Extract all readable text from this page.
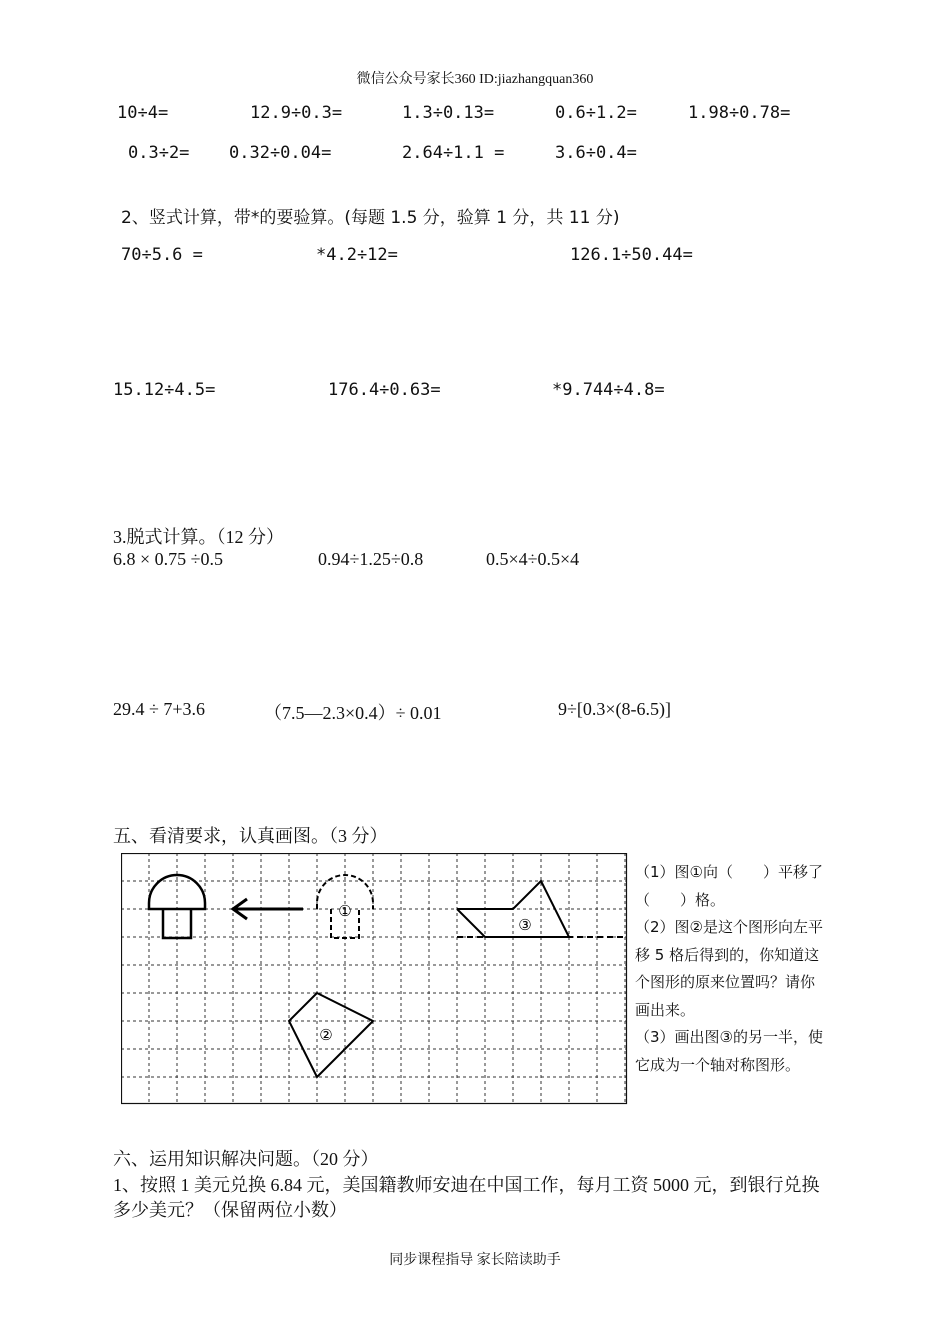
微信公众号家长360 ID:jiazhangquan360
10÷4=	12.9÷0.3=	1.3÷0.13=	0.6÷1.2=	1.98÷0.78=
0.3÷2= 0.32÷0.04=	2.64÷1.1 =	3.6÷0.4=
2、竖式计算，带*的要验算。(每题 1.5 分，验算 1 分，共 11 分)
70÷5.6 =	*4.2÷12=	126.1÷50.44=
15.12÷4.5=	176.4÷0.63=	*9.744÷4.8=
3.脱式计算。（12 分）
6.8 × 0.75 ÷0.5	0.94÷1.25÷0.8	0.5×4÷0.5×4
29.4 ÷ 7+3.6	（7.5—2.3×0.4）÷ 0.01	9÷[0.3×(8-6.5)]
五、看清要求，认真画图。（3 分）
①
③
②

（1）图①向（　　）平移了（　　）格。

（2）图②是这个图形向左平移 5 格后得到的，你知道这个图形的原来位置吗？请你画出来。

（3）画出图③的另一半，使它成为一个轴对称图形。

六、运用知识解决问题。（20 分）
1、按照 1 美元兑换 6.84 元，美国籍教师安迪在中国工作，每月工资 5000 元，到银行兑换
多少美元？（保留两位小数）
同步课程指导 家长陪读助手
